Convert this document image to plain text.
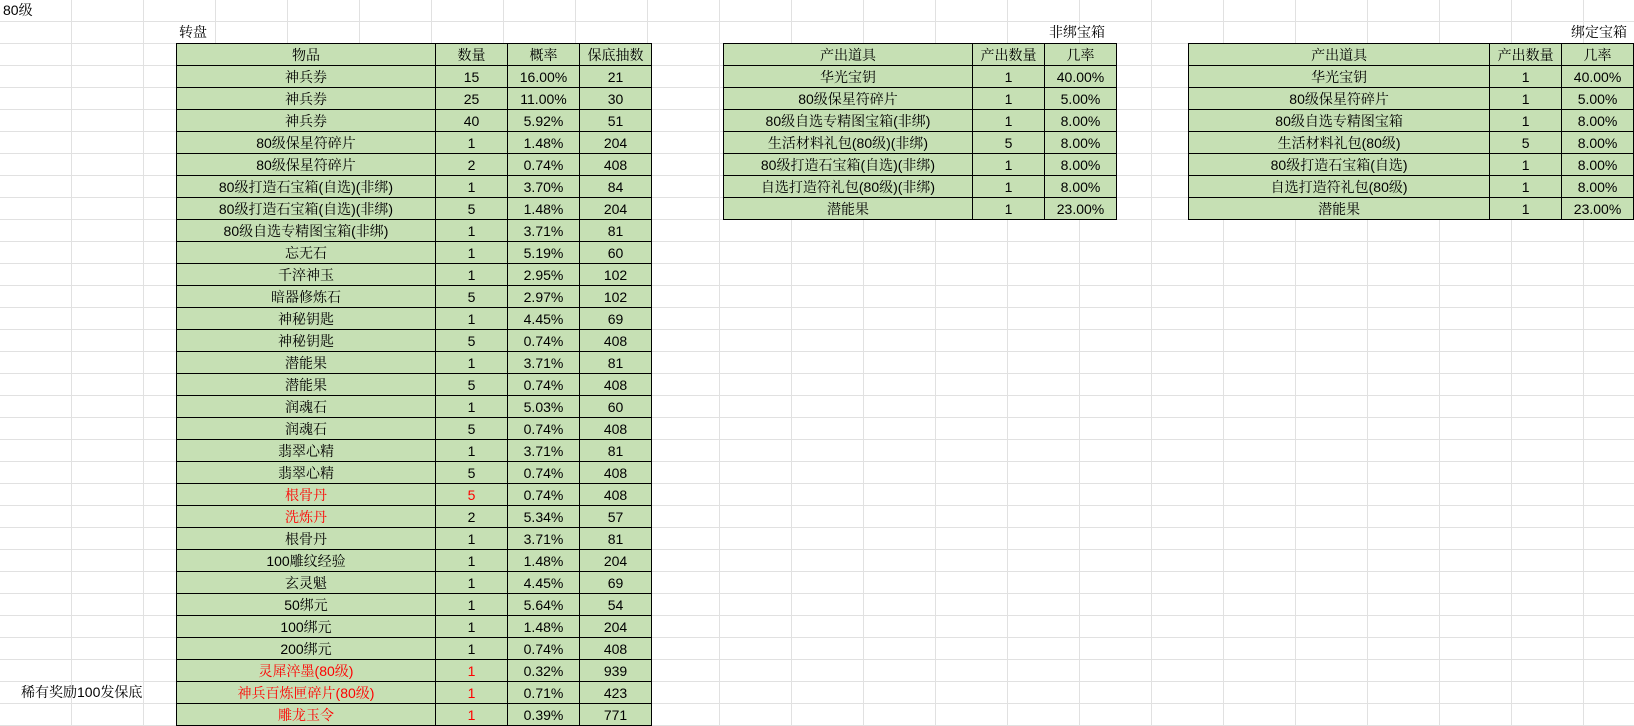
80级
转盘	非绑宝箱	绑定宝箱
稀有奖励100发保底
物品	数量	概率	保底抽数
神兵券	15	16.00%	21
神兵券	25	11.00%	30
神兵券	40	5.92%	51
80级保星符碎片	1	1.48%	204
80级保星符碎片	2	0.74%	408
80级打造石宝箱(自选)(非绑)	1	3.70%	84
80级打造石宝箱(自选)(非绑)	5	1.48%	204
80级自选专精图宝箱(非绑)	1	3.71%	81
忘无石	1	5.19%	60
千淬神玉	1	2.95%	102
暗器修炼石	5	2.97%	102
神秘钥匙	1	4.45%	69
神秘钥匙	5	0.74%	408
潜能果	1	3.71%	81
潜能果	5	0.74%	408
润魂石	1	5.03%	60
润魂石	5	0.74%	408
翡翠心精	1	3.71%	81
翡翠心精	5	0.74%	408
根骨丹	5	0.74%	408
洗炼丹	2	5.34%	57
根骨丹	1	3.71%	81
100雕纹经验	1	1.48%	204
玄灵魁	1	4.45%	69
50绑元	1	5.64%	54
100绑元	1	1.48%	204
200绑元	1	0.74%	408
灵犀淬墨(80级)	1	0.32%	939
神兵百炼匣碎片(80级)	1	0.71%	423
雕龙玉令	1	0.39%	771
产出道具	产出数量	几率
华光宝钥	1	40.00%
80级保星符碎片	1	5.00%
80级自选专精图宝箱(非绑)	1	8.00%
生活材料礼包(80级)(非绑)	5	8.00%
80级打造石宝箱(自选)(非绑)	1	8.00%
自选打造符礼包(80级)(非绑)	1	8.00%
潜能果	1	23.00%
产出道具	产出数量	几率
华光宝钥	1	40.00%
80级保星符碎片	1	5.00%
80级自选专精图宝箱	1	8.00%
生活材料礼包(80级)	5	8.00%
80级打造石宝箱(自选)	1	8.00%
自选打造符礼包(80级)	1	8.00%
潜能果	1	23.00%
